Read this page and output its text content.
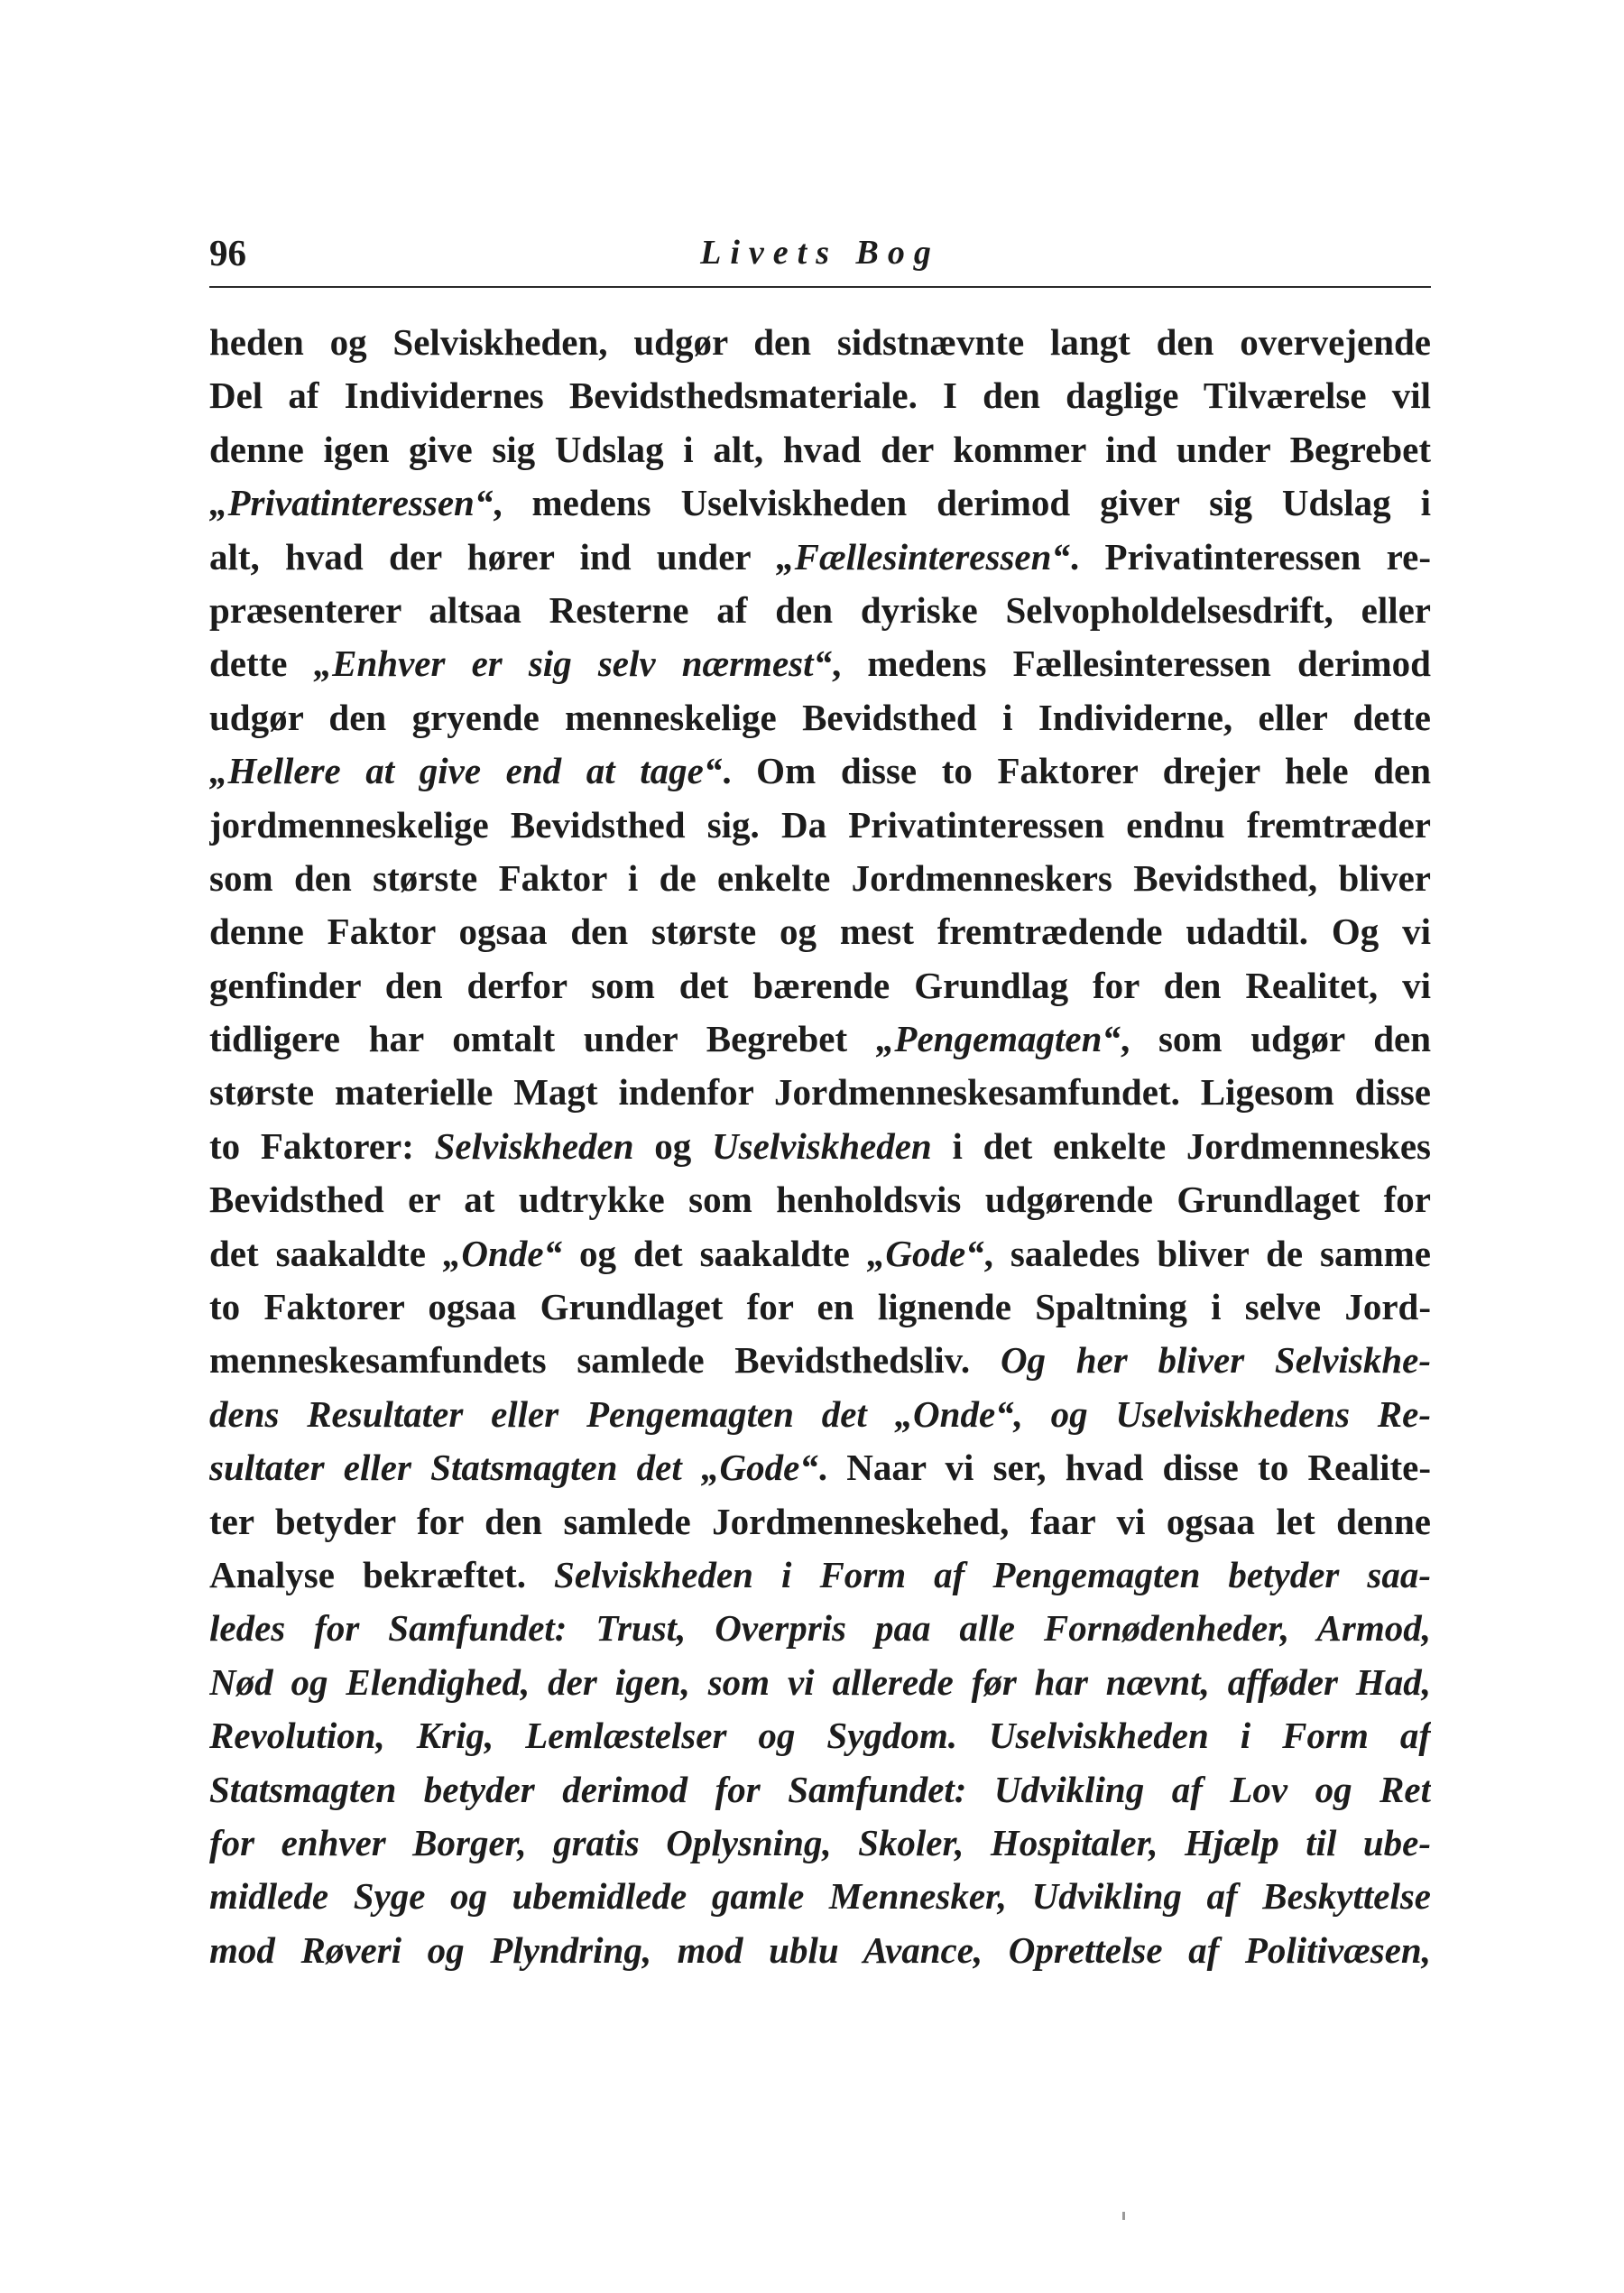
96	Livets Bog
heden og Selviskheden, udgør den sidstnævnte langt den overvejende
Del af Individernes Bevidsthedsmateriale. I den daglige Tilværelse vil
denne igen give sig Udslag i alt, hvad der kommer ind under Begrebet
„Privatinteressen“, medens Uselviskheden derimod giver sig Udslag i
alt, hvad der hører ind under „Fællesinteressen“. Privatinteressen re-
præsenterer altsaa Resterne af den dyriske Selvopholdelsesdrift, eller
dette „Enhver er sig selv nærmest“, medens Fællesinteressen derimod
udgør den gryende menneskelige Bevidsthed i Individerne, eller dette
„Hellere at give end at tage“. Om disse to Faktorer drejer hele den
jordmenneskelige Bevidsthed sig. Da Privatinteressen endnu fremtræder
som den største Faktor i de enkelte Jordmenneskers Bevidsthed, bliver
denne Faktor ogsaa den største og mest fremtrædende udadtil. Og vi
genfinder den derfor som det bærende Grundlag for den Realitet, vi
tidligere har omtalt under Begrebet „Pengemagten“, som udgør den
største materielle Magt indenfor Jordmenneskesamfundet. Ligesom disse
to Faktorer: Selviskheden og Uselviskheden i det enkelte Jordmenneskes
Bevidsthed er at udtrykke som henholdsvis udgørende Grundlaget for
det saakaldte „Onde“ og det saakaldte „Gode“, saaledes bliver de samme
to Faktorer ogsaa Grundlaget for en lignende Spaltning i selve Jord-
menneskesamfundets samlede Bevidsthedsliv. Og her bliver Selviskhe-
dens Resultater eller Pengemagten det „Onde“, og Uselviskhedens Re-
sultater eller Statsmagten det „Gode“. Naar vi ser, hvad disse to Realite-
ter betyder for den samlede Jordmenneskehed, faar vi ogsaa let denne
Analyse bekræftet. Selviskheden i Form af Pengemagten betyder saa-
ledes for Samfundet: Trust, Overpris paa alle Fornødenheder, Armod,
Nød og Elendighed, der igen, som vi allerede før har nævnt, afføder Had,
Revolution, Krig, Lemlæstelser og Sygdom. Uselviskheden i Form af
Statsmagten betyder derimod for Samfundet: Udvikling af Lov og Ret
for enhver Borger, gratis Oplysning, Skoler, Hospitaler, Hjælp til ube-
midlede Syge og ubemidlede gamle Mennesker, Udvikling af Beskyttelse
mod Røveri og Plyndring, mod ublu Avance, Oprettelse af Politivæsen,
